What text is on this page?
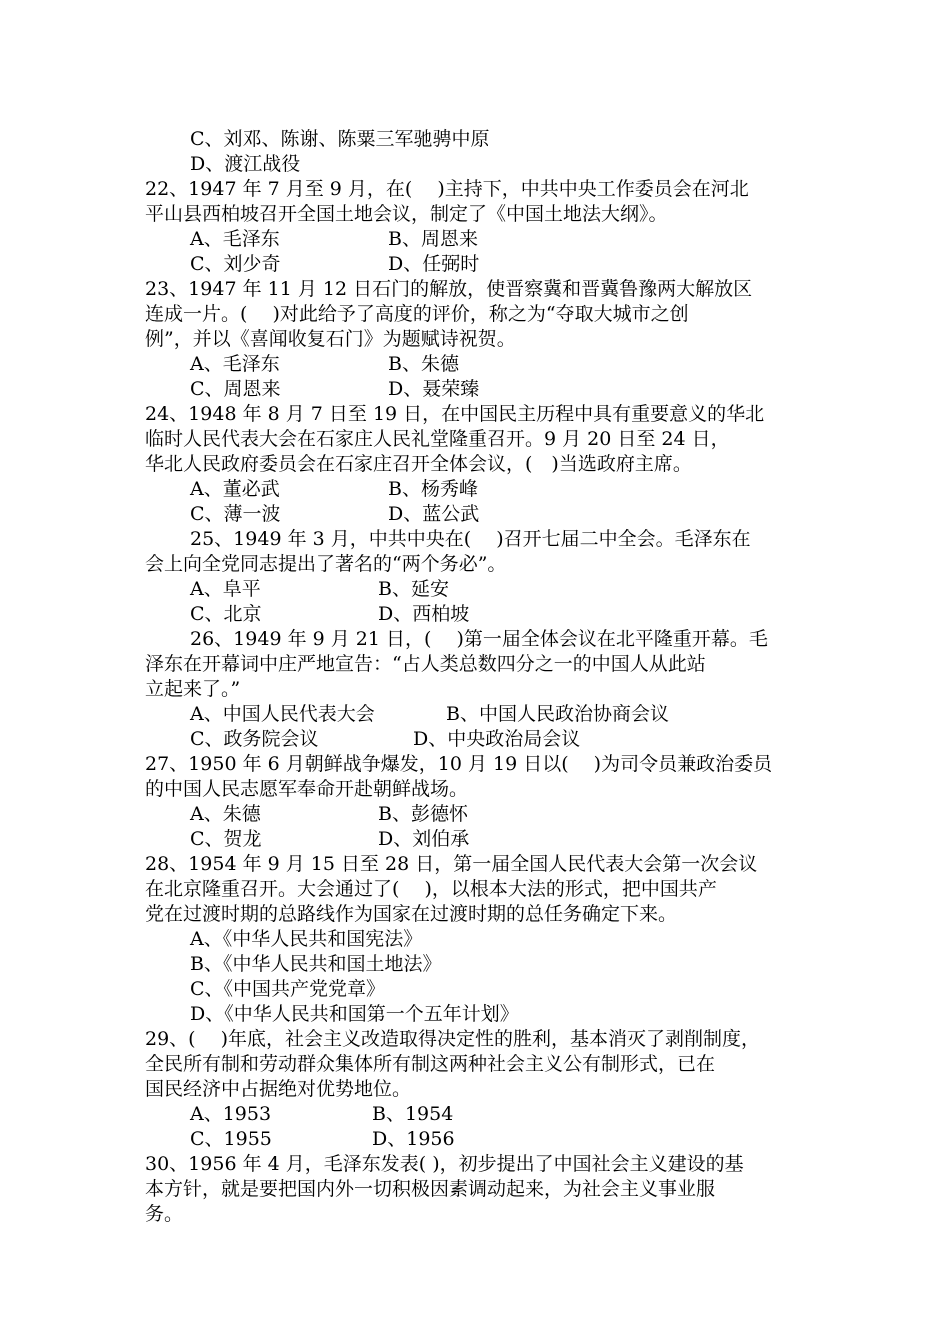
C、刘邓、陈谢、陈粟三军驰骋中原
D、渡江战役
22、1947 年 7 月至 9 月，在(　 )主持下，中共中央工作委员会在河北
平山县西柏坡召开全国土地会议，制定了《中国土地法大纲》。
A、毛泽东	B、周恩来
C、刘少奇	D、任弼时
23、1947 年 11 月 12 日石门的解放，使晋察冀和晋冀鲁豫两大解放区
连成一片。(　 )对此给予了高度的评价，称之为“夺取大城市之创
例”，并以《喜闻收复石门》为题赋诗祝贺。
A、毛泽东	B、朱德
C、周恩来	D、聂荣臻
24、1948 年 8 月 7 日至 19 日，在中国民主历程中具有重要意义的华北
临时人民代表大会在石家庄人民礼堂隆重召开。9 月 20 日至 24 日，
华北人民政府委员会在石家庄召开全体会议，(　)当选政府主席。
A、董必武	B、杨秀峰
C、薄一波	D、蓝公武
25、1949 年 3 月，中共中央在(　 )召开七届二中全会。毛泽东在
会上向全党同志提出了著名的“两个务必”。
A、阜平	B、延安
C、北京	D、西柏坡
26、1949 年 9 月 21 日，(　 )第一届全体会议在北平隆重开幕。毛
泽东在开幕词中庄严地宣告：“占人类总数四分之一的中国人从此站
立起来了。”
A、中国人民代表大会	B、中国人民政治协商会议
C、政务院会议	D、中央政治局会议
27、1950 年 6 月朝鲜战争爆发，10 月 19 日以(　 )为司令员兼政治委员
的中国人民志愿军奉命开赴朝鲜战场。
A、朱德	B、彭德怀
C、贺龙	D、刘伯承
28、1954 年 9 月 15 日至 28 日，第一届全国人民代表大会第一次会议
在北京隆重召开。大会通过了(　 )，以根本大法的形式，把中国共产
党在过渡时期的总路线作为国家在过渡时期的总任务确定下来。
A、《中华人民共和国宪法》
B、《中华人民共和国土地法》
C、《中国共产党党章》
D、《中华人民共和国第一个五年计划》
29、(　 )年底，社会主义改造取得决定性的胜利，基本消灭了剥削制度，
全民所有制和劳动群众集体所有制这两种社会主义公有制形式，已在
国民经济中占据绝对优势地位。
A、1953	B、1954
C、1955	D、1956
30、1956 年 4 月，毛泽东发表( )，初步提出了中国社会主义建设的基
本方针，就是要把国内外一切积极因素调动起来，为社会主义事业服
务。
